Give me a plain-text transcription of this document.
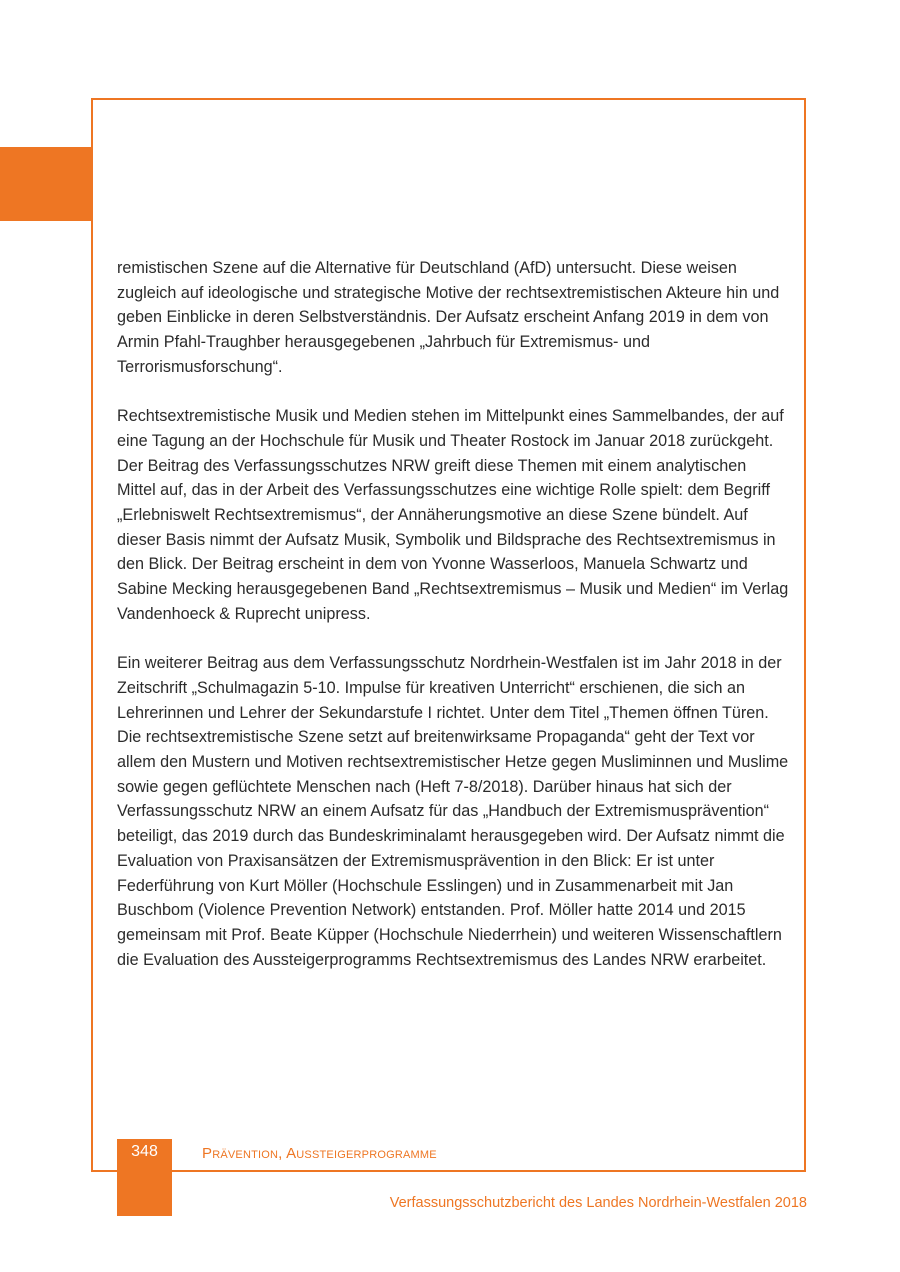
remistischen Szene auf die Alternative für Deutschland (AfD) untersucht. Diese weisen zugleich auf ideologische und strategische Motive der rechtsextremistischen Akteure hin und geben Einblicke in deren Selbstverständnis. Der Aufsatz erscheint Anfang 2019 in dem von Armin Pfahl-Traughber herausgegebenen „Jahrbuch für Extremismus- und Terrorismusforschung“.

Rechtsextremistische Musik und Medien stehen im Mittelpunkt eines Sammelbandes, der auf eine Tagung an der Hochschule für Musik und Theater Rostock im Januar 2018 zurückgeht. Der Beitrag des Verfassungsschutzes NRW greift diese Themen mit einem analytischen Mittel auf, das in der Arbeit des Verfassungsschutzes eine wichtige Rolle spielt: dem Begriff „Erlebniswelt Rechtsextremismus“, der Annäherungsmotive an diese Szene bündelt. Auf dieser Basis nimmt der Aufsatz Musik, Symbolik und Bildsprache des Rechtsextremismus in den Blick. Der Beitrag erscheint in dem von Yvonne Wasserloos, Manuela Schwartz und Sabine Mecking herausgegebenen Band „Rechtsextremismus – Musik und Medien“ im Verlag Vandenhoeck & Ruprecht unipress.

Ein weiterer Beitrag aus dem Verfassungsschutz Nordrhein-Westfalen ist im Jahr 2018 in der Zeitschrift „Schulmagazin 5-10. Impulse für kreativen Unterricht“ erschienen, die sich an Lehrerinnen und Lehrer der Sekundarstufe I richtet. Unter dem Titel „Themen öffnen Türen. Die rechtsextremistische Szene setzt auf breitenwirksame Propaganda“ geht der Text vor allem den Mustern und Motiven rechtsextremistischer Hetze gegen Musliminnen und Muslime sowie gegen geflüchtete Menschen nach (Heft 7-8/2018). Darüber hinaus hat sich der Verfassungsschutz NRW an einem Aufsatz für das „Handbuch der Extremismusprävention“ beteiligt, das 2019 durch das Bundeskriminalamt herausgegeben wird. Der Aufsatz nimmt die Evaluation von Praxisansätzen der Extremismusprävention in den Blick: Er ist unter Federführung von Kurt Möller (Hochschule Esslingen) und in Zusammenarbeit mit Jan Buschbom (Violence Prevention Network) entstanden. Prof. Möller hatte 2014 und 2015 gemeinsam mit Prof. Beate Küpper (Hochschule Niederrhein) und weiteren Wissenschaftlern die Evaluation des Aussteigerprogramms Rechtsextremismus des Landes NRW erarbeitet.

348	Prävention, Aussteigerprogramme
Verfassungsschutzbericht des Landes Nordrhein-Westfalen 2018
